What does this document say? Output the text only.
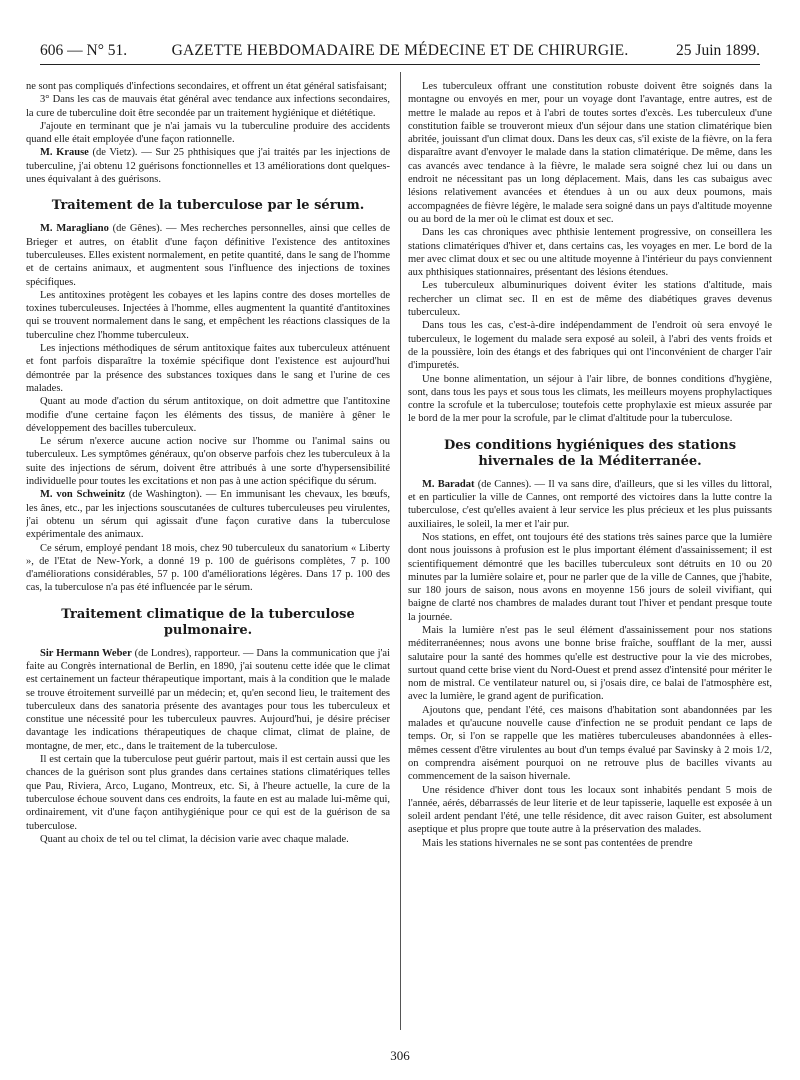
606 — N° 51.	GAZETTE HEBDOMADAIRE DE MÉDECINE ET DE CHIRURGIE.	25 Juin 1899.

ne sont pas compliqués d'infections secondaires, et offrent un état général satisfaisant;

3° Dans les cas de mauvais état général avec tendance aux infections secondaires, la cure de tuberculine doit être secondée par un traitement hygiénique et diététique.

J'ajoute en terminant que je n'ai jamais vu la tuberculine produire des accidents quand elle était employée d'une façon rationnelle.

M. Krause (de Vietz). — Sur 25 phthisiques que j'ai traités par les injections de tuberculine, j'ai obtenu 12 guérisons fonctionnelles et 13 améliorations dont quelques-unes équivalant à des guérisons.

Traitement de la tuberculose par le sérum.

M. Maragliano (de Gênes). — Mes recherches personnelles, ainsi que celles de Brieger et autres, on établit d'une façon définitive l'existence des antitoxines tuberculeuses. Elles existent normalement, en petite quantité, dans le sang de l'homme et de certains animaux, et augmentent sous l'influence des injections de toxines spécifiques.

Les antitoxines protègent les cobayes et les lapins contre des doses mortelles de toxines tuberculeuses. Injectées à l'homme, elles augmentent la quantité d'antitoxines qui se trouvent normalement dans le sang, et empêchent les réactions classiques de la tuberculine chez l'homme tuberculeux.

Les injections méthodiques de sérum antitoxique faites aux tuberculeux atténuent et font parfois disparaître la toxémie spécifique dont l'existence est aujourd'hui démontrée par la présence des substances toxiques dans le sang et l'urine de ces malades.

Quant au mode d'action du sérum antitoxique, on doit admettre que l'antitoxine modifie d'une certaine façon les éléments des tissus, de manière à gêner le développement des bacilles tuberculeux.

Le sérum n'exerce aucune action nocive sur l'homme ou l'animal sains ou tuberculeux. Les symptômes généraux, qu'on observe parfois chez les tuberculeux à la suite des injections de sérum, doivent être attribués à une sorte d'hypersensibilité individuelle pour toutes les excitations et non pas à une action spécifique du sérum.

M. von Schweinitz (de Washington). — En immunisant les chevaux, les bœufs, les ânes, etc., par les injections souscutanées de cultures tuberculeuses peu virulentes, j'ai obtenu un sérum qui agissait d'une façon curative dans la tuberculose expérimentale des animaux.

Ce sérum, employé pendant 18 mois, chez 90 tuberculeux du sanatorium « Liberty », de l'Etat de New-York, a donné 19 p. 100 de guérisons complètes, 7 p. 100 d'améliorations considérables, 57 p. 100 d'améliorations légères. Dans 17 p. 100 des cas, la tuberculose n'a pas été influencée par le sérum.

Traitement climatique de la tuberculose pulmonaire.

Sir Hermann Weber (de Londres), rapporteur. — Dans la communication que j'ai faite au Congrès international de Berlin, en 1890, j'ai soutenu cette idée que le climat est certainement un facteur thérapeutique important, mais à la condition que le malade se trouve étroitement surveillé par un médecin; et, qu'en second lieu, le traitement des tuberculeux dans des sanatoria présente des avantages pour tous les tuberculeux et constitue une nécessité pour les tuberculeux pauvres. Aujourd'hui, je désire préciser davantage les indications thérapeutiques de chaque climat, climat de plaine, de montagne, de mer, etc., dans le traitement de la tuberculose.

Il est certain que la tuberculose peut guérir partout, mais il est certain aussi que les chances de la guérison sont plus grandes dans certaines stations climatériques telles que Pau, Riviera, Arco, Lugano, Montreux, etc. Si, à l'heure actuelle, la cure de la tuberculose échoue souvent dans ces endroits, la faute en est au malade lui-même qui, ordinairement, vit d'une façon antihygiénique pour ce qui est de la guérison de sa tuberculose.

Quant au choix de tel ou tel climat, la décision varie avec chaque malade.

Les tuberculeux offrant une constitution robuste doivent être soignés dans la montagne ou envoyés en mer, pour un voyage dont l'avantage, entre autres, est de mettre le malade au repos et à l'abri de toutes sortes d'excès. Les tuberculeux d'une constitution faible se trouveront mieux d'un séjour dans une station climatérique bien abritée, jouissant d'un climat doux. Dans les deux cas, s'il existe de la fièvre, on la fera disparaître avant d'envoyer le malade dans la station climatérique. De même, dans les cas avancés avec tendance à la fièvre, le malade sera soigné chez lui ou dans un endroit ne nécessitant pas un long déplacement. Mais, dans les cas subaigus avec lésions relativement avancées et étendues à un ou aux deux poumons, mais accompagnées de fièvre légère, le malade sera soigné dans un pays d'altitude moyenne ou au bord de la mer où le climat est doux et sec.

Dans les cas chroniques avec phthisie lentement progressive, on conseillera les stations climatériques d'hiver et, dans certains cas, les voyages en mer. Le bord de la mer avec climat doux et sec ou une altitude moyenne à l'intérieur du pays conviennent aux phthisiques stationnaires, présentant des lésions étendues.

Les tuberculeux albuminuriques doivent éviter les stations d'altitude, mais rechercher un climat sec. Il en est de même des diabétiques graves devenus tuberculeux.

Dans tous les cas, c'est-à-dire indépendamment de l'endroit où sera envoyé le tuberculeux, le logement du malade sera exposé au soleil, à l'abri des vents froids et de la poussière, loin des étangs et des fabriques qui ont l'inconvénient de charger l'air d'impuretés.

Une bonne alimentation, un séjour à l'air libre, de bonnes conditions d'hygiène, sont, dans tous les pays et sous tous les climats, les meilleurs moyens prophylactiques contre la scrofule et la tuberculose; toutefois cette prophylaxie est mieux assurée par le bord de la mer pour la scrofule, par le climat d'altitude pour la tuberculose.

Des conditions hygiéniques des stations hivernales de la Méditerranée.

M. Baradat (de Cannes). — Il va sans dire, d'ailleurs, que si les villes du littoral, et en particulier la ville de Cannes, ont remporté des victoires dans la lutte contre la tuberculose, c'est qu'elles avaient à leur service les plus précieux et les plus puissants auxiliaires, le soleil, la mer et l'air pur.

Nos stations, en effet, ont toujours été des stations très saines parce que la lumière dont nous jouissons à profusion est le plus important élément d'assainissement; il est scientifiquement démontré que les bacilles tuberculeux sont détruits en 10 ou 20 minutes par la lumière solaire et, pour ne parler que de la ville de Cannes, que j'habite, sur 180 jours de saison, nous avons en moyenne 156 jours de soleil vivifiant, qui baigne de clarté nos chambres de malades durant tout l'hiver et pendant presque toute la journée.

Mais la lumière n'est pas le seul élément d'assainissement pour nos stations méditerranéennes; nous avons une bonne brise fraîche, soufflant de la mer, aussi salutaire pour la santé des hommes qu'elle est destructive pour la vie des microbes, surtout quand cette brise vient du Nord-Ouest et prend assez d'intensité pour mériter le nom de mistral. Ce ventilateur naturel ou, si j'osais dire, ce balai de l'atmosphère est, avec la lumière, le grand agent de purification.

Ajoutons que, pendant l'été, ces maisons d'habitation sont abandonnées par les malades et qu'aucune nouvelle cause d'infection ne se produit pendant ce laps de temps. Or, si l'on se rappelle que les matières tuberculeuses abandonnées à elles-mêmes cessent d'être virulentes au bout d'un temps évalué par Savinsky à 2 mois 1/2, on comprendra aisément pourquoi on ne retrouve plus de bacilles vivants au commencement de la saison hivernale.

Une résidence d'hiver dont tous les locaux sont inhabités pendant 5 mois de l'année, aérés, débarrassés de leur literie et de leur tapisserie, laquelle est exposée à un soleil ardent pendant l'été, une telle résidence, dit avec raison Guiter, est absolument aseptique et plus propre que toute autre à la préservation des malades.

Mais les stations hivernales ne se sont pas contentées de prendre

306
